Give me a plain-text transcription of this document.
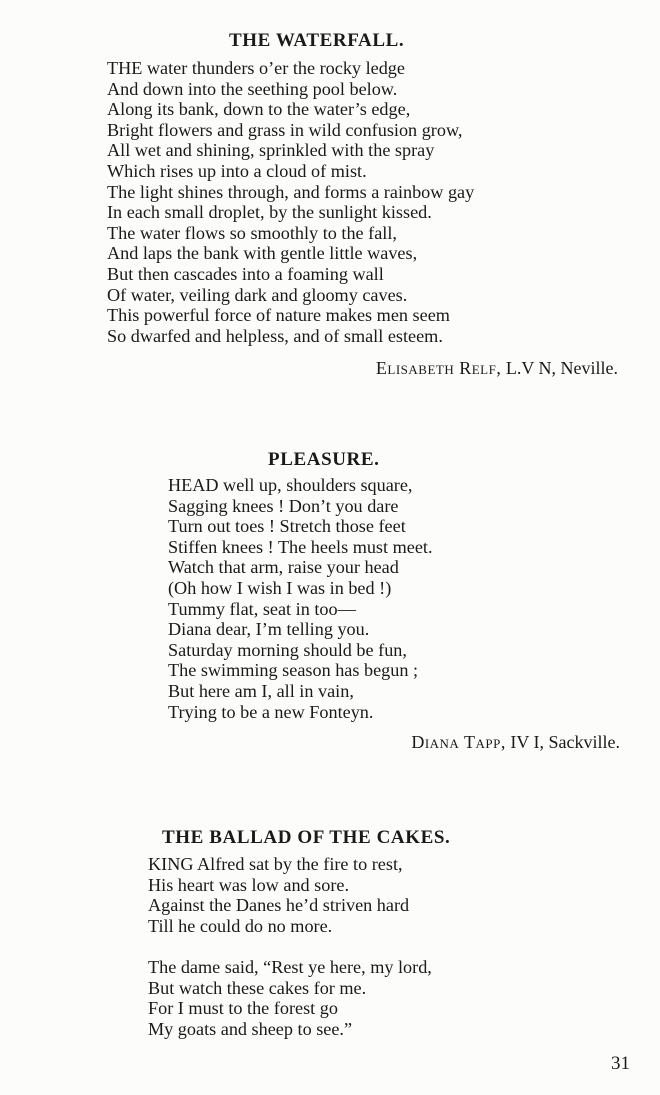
THE WATERFALL.
THE water thunders o’er the rocky ledge
And down into the seething pool below.
Along its bank, down to the water’s edge,
Bright flowers and grass in wild confusion grow,
All wet and shining, sprinkled with the spray
Which rises up into a cloud of mist.
The light shines through, and forms a rainbow gay
In each small droplet, by the sunlight kissed.
The water flows so smoothly to the fall,
And laps the bank with gentle little waves,
But then cascades into a foaming wall
Of water, veiling dark and gloomy caves.
This powerful force of nature makes men seem
So dwarfed and helpless, and of small esteem.

Elisabeth Relf, L.V N, Neville.

PLEASURE.
HEAD well up, shoulders square,
Sagging knees ! Don’t you dare
Turn out toes ! Stretch those feet
Stiffen knees ! The heels must meet.
Watch that arm, raise your head
(Oh how I wish I was in bed !)
Tummy flat, seat in too—
Diana dear, I’m telling you.
Saturday morning should be fun,
The swimming season has begun ;
But here am I, all in vain,
Trying to be a new Fonteyn.

Diana Tapp, IV I, Sackville.

THE BALLAD OF THE CAKES.
KING Alfred sat by the fire to rest,
His heart was low and sore.
Against the Danes he’d striven hard
Till he could do no more.
The dame said, “Rest ye here, my lord,
But watch these cakes for me.
For I must to the forest go
My goats and sheep to see.”
31
